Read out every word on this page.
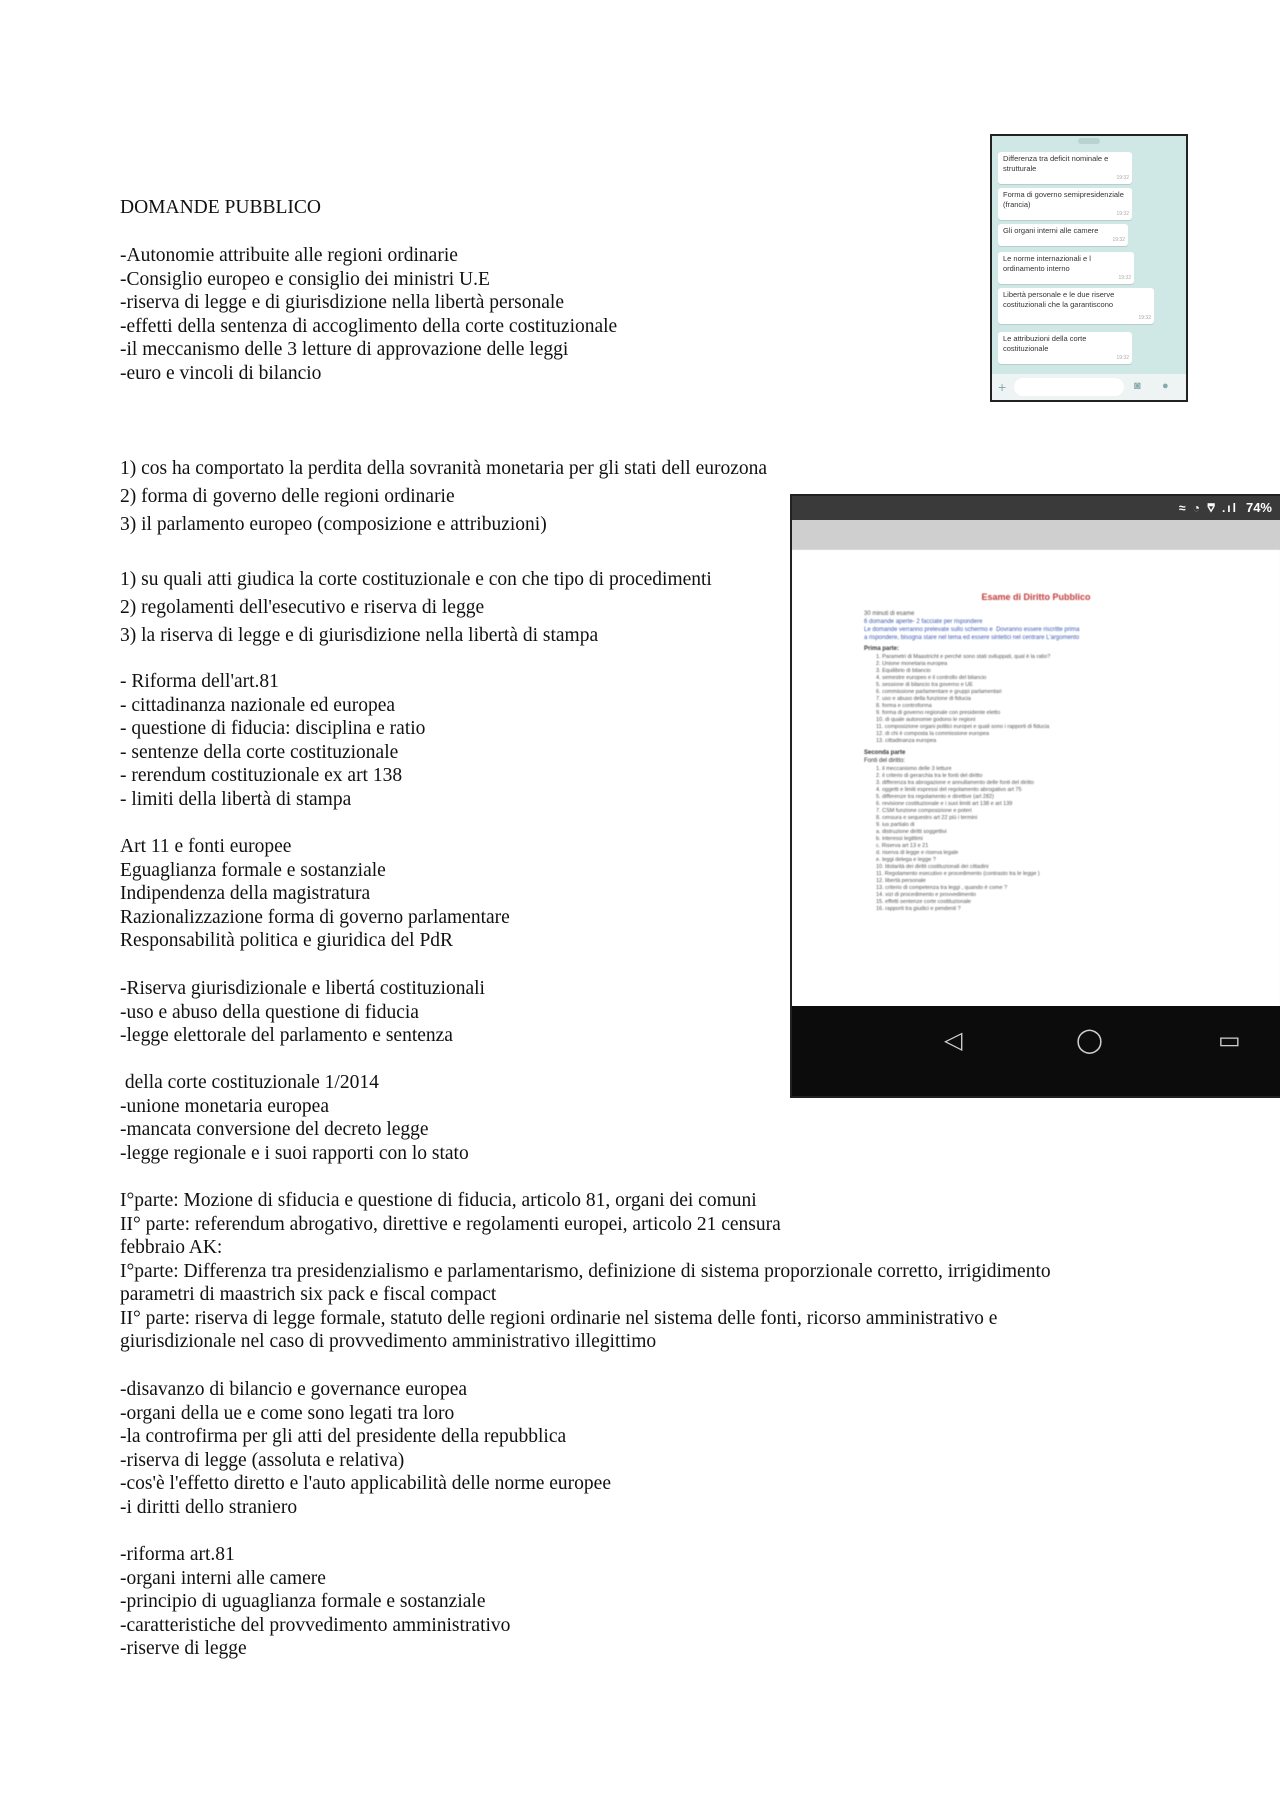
DOMANDE PUBBLICO
-Autonomie attribuite alle regioni ordinarie
-Consiglio europeo e consiglio dei ministri U.E
-riserva di legge e di giurisdizione nella libertà personale
-effetti della sentenza di accoglimento della corte costituzionale
-il meccanismo delle 3 letture di approvazione delle leggi
-euro e vincoli di bilancio
1) cos ha comportato la perdita della sovranità monetaria per gli stati dell eurozona
2) forma di governo delle regioni ordinarie
3) il parlamento europeo (composizione e attribuzioni)
1) su quali atti giudica la corte costituzionale e con che tipo di procedimenti
2) regolamenti dell'esecutivo e riserva di legge
3) la riserva di legge e di giurisdizione nella libertà di stampa
- Riforma dell'art.81
- cittadinanza nazionale ed europea
- questione di fiducia: disciplina e ratio
- sentenze della corte costituzionale
- rerendum costituzionale ex art 138
- limiti della libertà di stampa
Art 11 e fonti europee
Eguaglianza formale e sostanziale
Indipendenza della magistratura
Razionalizzazione forma di governo parlamentare
Responsabilità politica e giuridica del PdR
-Riserva giurisdizionale e libertá costituzionali
-uso e abuso della questione di fiducia
-legge elettorale del parlamento e sentenza
della corte costituzionale 1/2014
-unione monetaria europea
-mancata conversione del decreto legge
-legge regionale e i suoi rapporti con lo stato
I°parte: Mozione di sfiducia e questione di fiducia, articolo 81, organi dei comuni
II° parte: referendum abrogativo, direttive e regolamenti europei, articolo 21 censura
febbraio AK:
I°parte: Differenza tra presidenzialismo e parlamentarismo, definizione di sistema proporzionale corretto, irrigidimento
parametri di maastrich six pack e fiscal compact
II° parte: riserva di legge formale, statuto delle regioni ordinarie nel sistema delle fonti, ricorso amministrativo e
giurisdizionale nel caso di provvedimento amministrativo illegittimo
-disavanzo di bilancio e governance europea
-organi della ue e come sono legati tra loro
-la controfirma per gli atti del presidente della repubblica
-riserva di legge (assoluta e relativa)
-cos'è l'effetto diretto e l'auto applicabilità delle norme europee
-i diritti dello straniero
-riforma art.81
-organi interni alle camere
-principio di uguaglianza formale e sostanziale
-caratteristiche del provvedimento amministrativo
-riserve di legge
Differenza tra deficit nominale e strutturale
19:32
Forma di governo semipresidenziale (francia)
19:32
Gli organi interni alle camere
19:32
Le norme internazionali e l ordinamento interno
19:32
Libertà personale e le due riserve costituzionali che la garantiscono
19:32
Le attribuzioni della corte costituzionale
19:32
+	◙ ●
≈ ◔ ⩢ .ıl 74%
Esame di Diritto Pubblico
30 minuti di esame
6 domande aperte- 2 facciate per rispondere
Le domande verranno prelevate sullo schermo e  Dovranno essere riscritte prima
a rispondere, bisogna stare nel tema ed essere sintetici nel centrare L'argomento
Prima parte:
1. Parametri di Maastricht e perché sono stati sviluppati, qual è la ratio?
2. Unione monetaria europea
3. Equilibrio di bilancio
4. semestre europeo e il controllo del bilancio
5. sessione di bilancio tra governo e UE
6. commissione parlamentare e gruppi parlamentari
7. uso e abuso della funzione di fiducia
8. forma e controforma
9. forma di governo regionale con presidente eletto
10. di quale autonomie godono le regioni
11. composizione organi politici europei e quali sono i rapporti di fiducia
12. di chi è composta la commissione europea
13. cittadinanza europea
Seconda parte
Fonti del diritto:
1. il meccanismo delle 3 letture
2. il criterio di gerarchia tra le fonti del diritto
3. differenza tra abrogazione e annullamento delle fonti del diritto
4. oggetti e limiti espressi del regolamento abrogativo art 75
5. differenze tra regolamento e direttive (art 282)
6. revisione costituzionale e i suoi limiti art 138 e art 139
7. CSM funzione composizione e poteri
8. censura e sequestro art 22 più i termini
9. ius partialo di
a. distruzione diritti soggettivi
b. interessi legittimi
c. Riserva art 13 e 21
d. riserva di legge e riserva legale
e. leggi delega e legge ?
10. titolarità dei diritti costituzionali dei cittadini
11. Regolamento esecutivo e procedimento (contrasto tra le legge )
12. libertà personale
13. criterio di competenza tra leggi , quando è come ?
14. vizi di procedimento e provvedimento
15. effetti sentenze corte costituzionale
16. rapporti tra giudici e pendenti ?
◁	◯	▭
